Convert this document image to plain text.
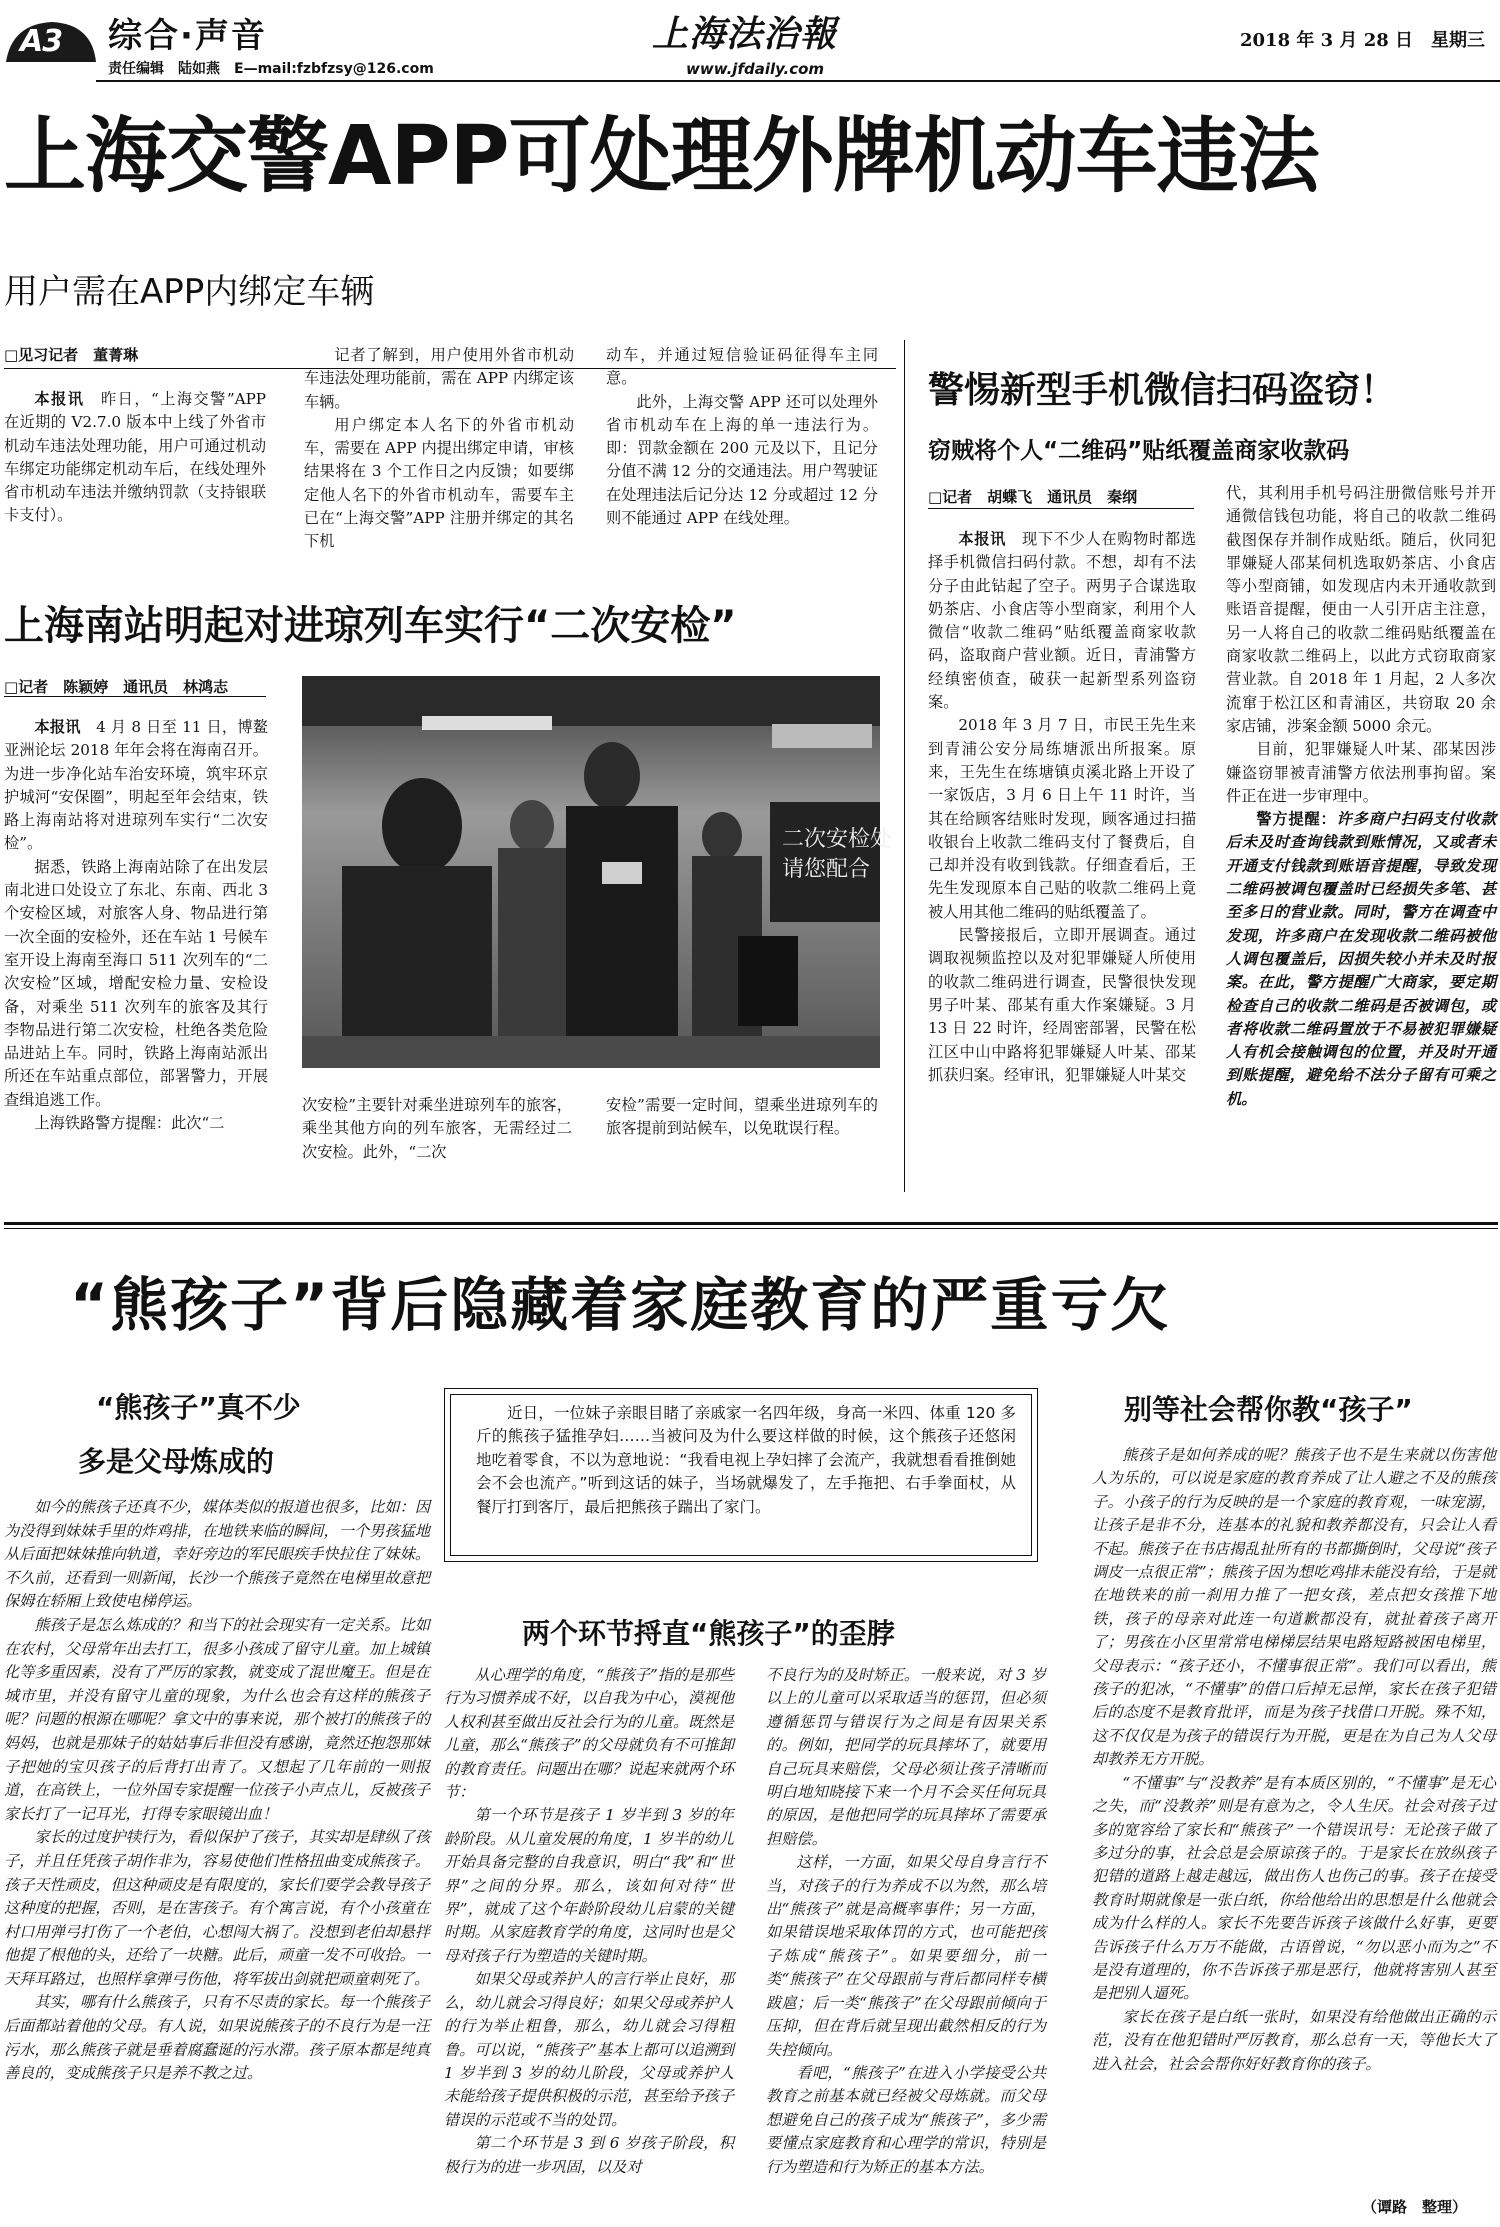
A3 综合·声音
责任编辑　陆如燕　E—mail:fzbfzsy@126.com
上海法治報
www.jfdaily.com
2018 年 3 月 28 日　星期三
上海交警APP可处理外牌机动车违法
用户需在APP内绑定车辆
□见习记者　董菁琳

本报讯　昨日，“上海交警”APP 在近期的 V2.7.0 版本中上线了外省市机动车违法处理功能，用户可通过机动车绑定功能绑定机动车后，在线处理外省市机动车违法并缴纳罚款（支持银联卡支付）。

记者了解到，用户使用外省市机动车违法处理功能前，需在 APP 内绑定该车辆。

用户绑定本人名下的外省市机动车，需要在 APP 内提出绑定申请，审核结果将在 3 个工作日之内反馈；如要绑定他人名下的外省市机动车，需要车主已在“上海交警”APP 注册并绑定的其名下机

动车，并通过短信验证码征得车主同意。

此外，上海交警 APP 还可以处理外省市机动车在上海的单一违法行为。即：罚款金额在 200 元及以下，且记分分值不满 12 分的交通违法。用户驾驶证在处理违法后记分达 12 分或超过 12 分则不能通过 APP 在线处理。

上海南站明起对进琼列车实行“二次安检”
□记者　陈颖婷　通讯员　林鸿志

本报讯　4 月 8 日至 11 日，博鳌亚洲论坛 2018 年年会将在海南召开。为进一步净化站车治安环境，筑牢环京护城河“安保圈”，明起至年会结束，铁路上海南站将对进琼列车实行“二次安检”。

据悉，铁路上海南站除了在出发层南北进口处设立了东北、东南、西北 3 个安检区域，对旅客人身、物品进行第一次全面的安检外，还在车站 1 号候车室开设上海南至海口 511 次列车的“二次安检”区域，增配安检力量、安检设备，对乘坐 511 次列车的旅客及其行李物品进行第二次安检，杜绝各类危险品进站上车。同时，铁路上海南站派出所还在车站重点部位，部署警力，开展查缉追逃工作。

上海铁路警方提醒：此次“二

二次安检处请您配合

次安检”主要针对乘坐进琼列车的旅客，乘坐其他方向的列车旅客，无需经过二次安检。此外，“二次

安检”需要一定时间，望乘坐进琼列车的旅客提前到站候车，以免耽误行程。

警惕新型手机微信扫码盗窃！
窃贼将个人“二维码”贴纸覆盖商家收款码
□记者　胡蝶飞　通讯员　秦纲

本报讯　现下不少人在购物时都选择手机微信扫码付款。不想，却有不法分子由此钻起了空子。两男子合谋选取奶茶店、小食店等小型商家，利用个人微信“收款二维码”贴纸覆盖商家收款码，盗取商户营业额。近日，青浦警方经缜密侦查，破获一起新型系列盗窃案。

2018 年 3 月 7 日，市民王先生来到青浦公安分局练塘派出所报案。原来，王先生在练塘镇贞溪北路上开设了一家饭店，3 月 6 日上午 11 时许，当其在给顾客结账时发现，顾客通过扫描收银台上收款二维码支付了餐费后，自己却并没有收到钱款。仔细查看后，王先生发现原本自己贴的收款二维码上竟被人用其他二维码的贴纸覆盖了。

民警接报后，立即开展调查。通过调取视频监控以及对犯罪嫌疑人所使用的收款二维码进行调查，民警很快发现男子叶某、邵某有重大作案嫌疑。3 月 13 日 22 时许，经周密部署，民警在松江区中山中路将犯罪嫌疑人叶某、邵某抓获归案。经审讯，犯罪嫌疑人叶某交

代，其利用手机号码注册微信账号并开通微信钱包功能，将自己的收款二维码截图保存并制作成贴纸。随后，伙同犯罪嫌疑人邵某伺机选取奶茶店、小食店等小型商铺，如发现店内未开通收款到账语音提醒，便由一人引开店主注意，另一人将自己的收款二维码贴纸覆盖在商家收款二维码上，以此方式窃取商家营业款。自 2018 年 1 月起，2 人多次流窜于松江区和青浦区，共窃取 20 余家店铺，涉案金额 5000 余元。

目前，犯罪嫌疑人叶某、邵某因涉嫌盗窃罪被青浦警方依法刑事拘留。案件正在进一步审理中。

警方提醒：许多商户扫码支付收款后未及时查询钱款到账情况，又或者未开通支付钱款到账语音提醒，导致发现二维码被调包覆盖时已经损失多笔、甚至多日的营业款。同时，警方在调查中发现，许多商户在发现收款二维码被他人调包覆盖后，因损失较小并未及时报案。在此，警方提醒广大商家，要定期检查自己的收款二维码是否被调包，或者将收款二维码置放于不易被犯罪嫌疑人有机会接触调包的位置，并及时开通到账提醒，避免给不法分子留有可乘之机。

“熊孩子”背后隐藏着家庭教育的严重亏欠
“熊孩子”真不少
多是父母炼成的

如今的熊孩子还真不少，媒体类似的报道也很多，比如：因为没得到妹妹手里的炸鸡排，在地铁来临的瞬间，一个男孩猛地从后面把妹妹推向轨道，幸好旁边的军民眼疾手快拉住了妹妹。不久前，还看到一则新闻，长沙一个熊孩子竟然在电梯里故意把保姆在轿厢上致使电梯停运。

熊孩子是怎么炼成的？和当下的社会现实有一定关系。比如在农村，父母常年出去打工，很多小孩成了留守儿童。加上城镇化等多重因素，没有了严厉的家教，就变成了混世魔王。但是在城市里，并没有留守儿童的现象，为什么也会有这样的熊孩子呢？问题的根源在哪呢？拿文中的事来说，那个被打的熊孩子的妈妈，也就是那妹子的姑姑事后非但没有感谢，竟然还抱怨那妹子把她的宝贝孩子的后背打出青了。又想起了几年前的一则报道，在高铁上，一位外国专家提醒一位孩子小声点儿，反被孩子家长打了一记耳光，打得专家眼镜出血！

家长的过度护犊行为，看似保护了孩子，其实却是肆纵了孩子，并且任凭孩子胡作非为，容易使他们性格扭曲变成熊孩子。孩子天性顽皮，但这种顽皮是有限度的，家长们要学会教导孩子这种度的把握，否则，是在害孩子。有个寓言说，有个小孩童在村口用弹弓打伤了一个老伯，心想闯大祸了。没想到老伯却悬拌他提了根他的头，还给了一块糖。此后，顽童一发不可收拾。一天拜耳路过，也照样拿弹弓伤他，将军拔出剑就把顽童刺死了。

其实，哪有什么熊孩子，只有不尽责的家长。每一个熊孩子后面都站着他的父母。有人说，如果说熊孩子的不良行为是一汪污水，那么熊孩子就是垂着腐蠢诞的污水滞。孩子原本都是纯真善良的，变成熊孩子只是养不教之过。

近日，一位妹子亲眼目睹了亲戚家一名四年级，身高一米四、体重 120 多斤的熊孩子猛推孕妇……当被问及为什么要这样做的时候，这个熊孩子还悠闲地吃着零食，不以为意地说：“我看电视上孕妇摔了会流产，我就想看看推倒她会不会也流产。”听到这话的妹子，当场就爆发了，左手拖把、右手拳面杖，从餐厅打到客厅，最后把熊孩子踹出了家门。
两个环节捋直“熊孩子”的歪脖

从心理学的角度，“熊孩子”指的是那些行为习惯养成不好，以自我为中心，漠视他人权利甚至做出反社会行为的儿童。既然是儿童，那么“熊孩子”的父母就负有不可推卸的教育责任。问题出在哪？说起来就两个环节：

第一个环节是孩子 1 岁半到 3 岁的年龄阶段。从儿童发展的角度，1 岁半的幼儿开始具备完整的自我意识，明白“我”和“世界”之间的分界。那么，该如何对待“世界”，就成了这个年龄阶段幼儿启蒙的关键时期。从家庭教育学的角度，这同时也是父母对孩子行为塑造的关键时期。

如果父母或养护人的言行举止良好，那么，幼儿就会习得良好；如果父母或养护人的行为举止粗鲁，那么，幼儿就会习得粗鲁。可以说，“熊孩子”基本上都可以追溯到 1 岁半到 3 岁的幼儿阶段，父母或养护人未能给孩子提供积极的示范，甚至给予孩子错误的示范或不当的处罚。

第二个环节是 3 到 6 岁孩子阶段，积极行为的进一步巩固，以及对

不良行为的及时矫正。一般来说，对 3 岁以上的儿童可以采取适当的惩罚，但必须遵循惩罚与错误行为之间是有因果关系的。例如，把同学的玩具摔坏了，就要用自己玩具来赔偿，父母必须让孩子清晰而明白地知晓接下来一个月不会买任何玩具的原因，是他把同学的玩具摔坏了需要承担赔偿。

这样，一方面，如果父母自身言行不当，对孩子的行为养成不以为然，那么培出“熊孩子”就是高概率事件；另一方面，如果错误地采取体罚的方式，也可能把孩子炼成“熊孩子”。如果要细分，前一类“熊孩子”在父母跟前与背后都同样专横跋扈；后一类“熊孩子”在父母跟前倾向于压抑，但在背后就呈现出截然相反的行为失控倾向。

看吧，“熊孩子”在进入小学接受公共教育之前基本就已经被父母炼就。而父母想避免自己的孩子成为“熊孩子”，多少需要懂点家庭教育和心理学的常识，特别是行为塑造和行为矫正的基本方法。

别等社会帮你教“孩子”

熊孩子是如何养成的呢？熊孩子也不是生来就以伤害他人为乐的，可以说是家庭的教育养成了让人避之不及的熊孩子。小孩子的行为反映的是一个家庭的教育观，一味宠溺，让孩子是非不分，连基本的礼貌和教养都没有，只会让人看不起。熊孩子在书店揭乱扯所有的书都撕倒时，父母说“孩子调皮一点很正常”；熊孩子因为想吃鸡排未能没有给，于是就在地铁来的前一刹用力推了一把女孩，差点把女孩推下地铁，孩子的母亲对此连一句道歉都没有，就扯着孩子离开了；男孩在小区里常常电梯梯层结果电路短路被困电梯里，父母表示：“孩子还小，不懂事很正常”。我们可以看出，熊孩子的犯冰，“不懂事”的借口后掉无忌惮，家长在孩子犯错后的态度不是教育批评，而是为孩子找借口开脱。殊不知，这不仅仅是为孩子的错误行为开脱，更是在为自己为人父母却教养无方开脱。

“不懂事”与“没教养”是有本质区别的，“不懂事”是无心之失，而“没教养”则是有意为之，令人生厌。社会对孩子过多的宽容给了家长和“熊孩子”一个错误讯号：无论孩子做了多过分的事，社会总是会原谅孩子的。于是家长在放纵孩子犯错的道路上越走越远，做出伤人也伤己的事。孩子在接受教育时期就像是一张白纸，你给他给出的思想是什么他就会成为什么样的人。家长不先要告诉孩子该做什么好事，更要告诉孩子什么万万不能做，古语曾说，“勿以恶小而为之”不是没有道理的，你不告诉孩子那是恶行，他就将害别人甚至是把别人逼死。

家长在孩子是白纸一张时，如果没有给他做出正确的示范，没有在他犯错时严厉教育，那么总有一天，等他长大了进入社会，社会会帮你好好教育你的孩子。

（谭路　整理）
